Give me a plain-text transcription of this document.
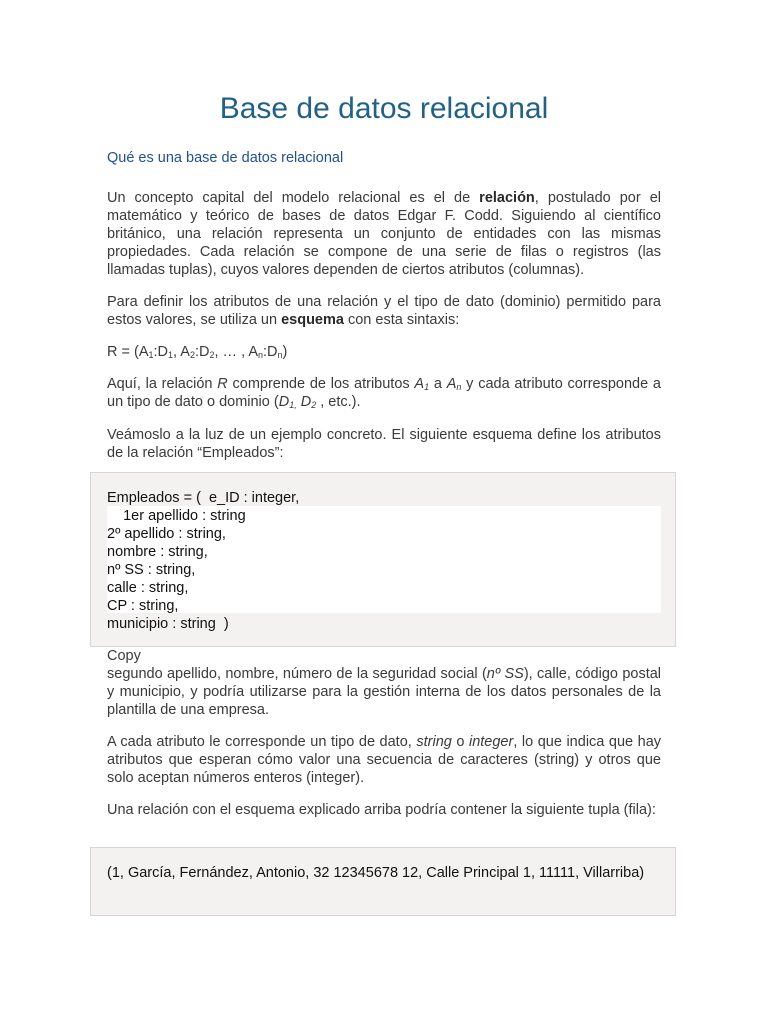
Base de datos relacional
Qué es una base de datos relacional

Un concepto capital del modelo relacional es el de relación, postulado por el matemático y teórico de bases de datos Edgar F. Codd. Siguiendo al científico británico, una relación representa un conjunto de entidades con las mismas propiedades. Cada relación se compone de una serie de filas o registros (las llamadas tuplas), cuyos valores dependen de ciertos atributos (columnas).

Para definir los atributos de una relación y el tipo de dato (dominio) permitido para estos valores, se utiliza un esquema con esta sintaxis:

$R = (A_1:D_1$, $A_2:D_2$, … , $A_n:D_n$)

Aquí, la relación R comprende de los atributos $A_1$ a $A_n$ y cada atributo corresponde a un tipo de dato o dominio ($D_{1,}$ $D_2$ , etc.).

Veámoslo a la luz de un ejemplo concreto. El siguiente esquema define los atributos de la relación “Empleados”:

Copy

segundo apellido, nombre, número de la seguridad social (nº SS), calle, código postal y municipio, y podría utilizarse para la gestión interna de los datos personales de la plantilla de una empresa.

A cada atributo le corresponde un tipo de dato, string o integer, lo que indica que hay atributos que esperan cómo valor una secuencia de caracteres (string) y otros que solo aceptan números enteros (integer).

Una relación con el esquema explicado arriba podría contener la siguiente tupla (fila):

Empleados = (  e_ID : integer,
1er apellido : string
2º apellido : string,
nombre : string,
nº SS : string,
calle : string,
CP : string,
municipio : string  )
(1, García, Fernández, Antonio, 32 12345678 12, Calle Principal 1, 11111, Villarriba)
